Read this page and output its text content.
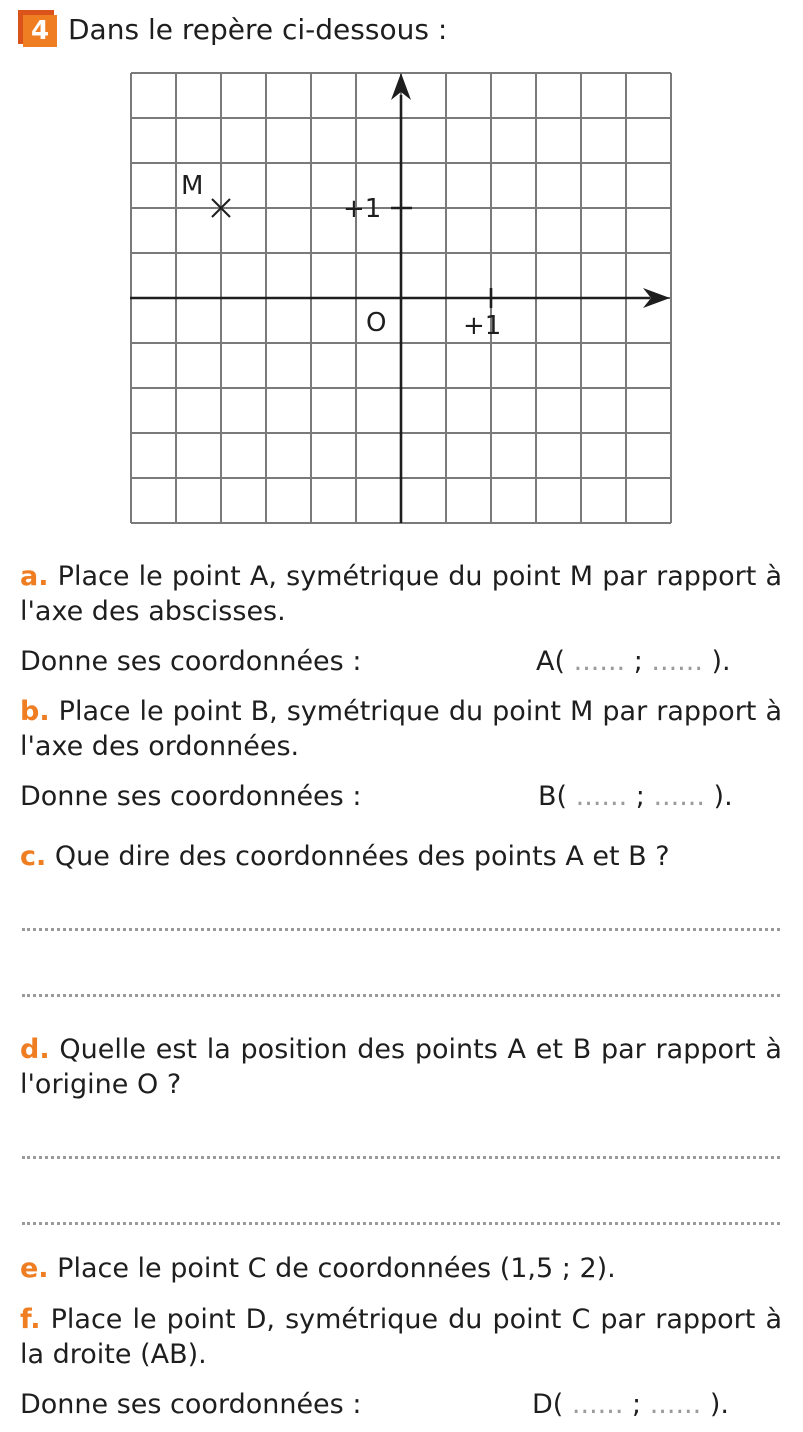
4 Dans le repère ci-dessous :
M
+1
O	+1
a. Place le point A, symétrique du point M par rapport à l'axe des abscisses.
Donne ses coordonnées :	A( ...... ; ...... ).
b. Place le point B, symétrique du point M par rapport à l'axe des ordonnées.
Donne ses coordonnées :	B( ...... ; ...... ).
c. Que dire des coordonnées des points A et B ?
d. Quelle est la position des points A et B par rapport à l'origine O ?
e. Place le point C de coordonnées (1,5 ; 2).
f. Place le point D, symétrique du point C par rapport à la droite (AB).
Donne ses coordonnées :	D( ...... ; ...... ).
